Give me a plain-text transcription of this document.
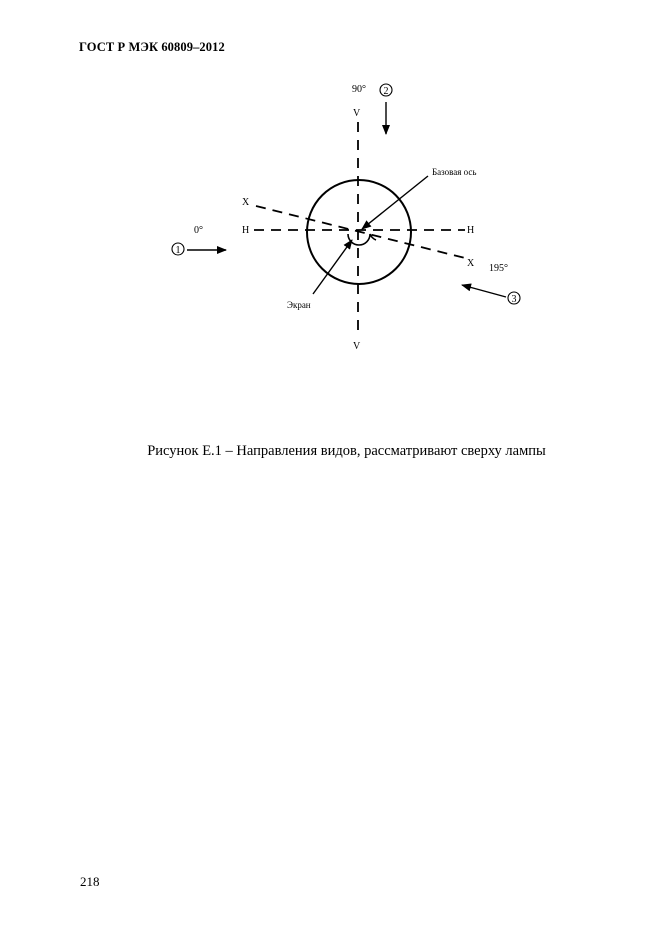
ГОСТ Р МЭК 60809–2012
1
2
3
90°
V
V
0°	H	H
X
X 195°
Базовая ось
Экран
Рисунок Е.1 – Направления видов, рассматривают сверху лампы
218
